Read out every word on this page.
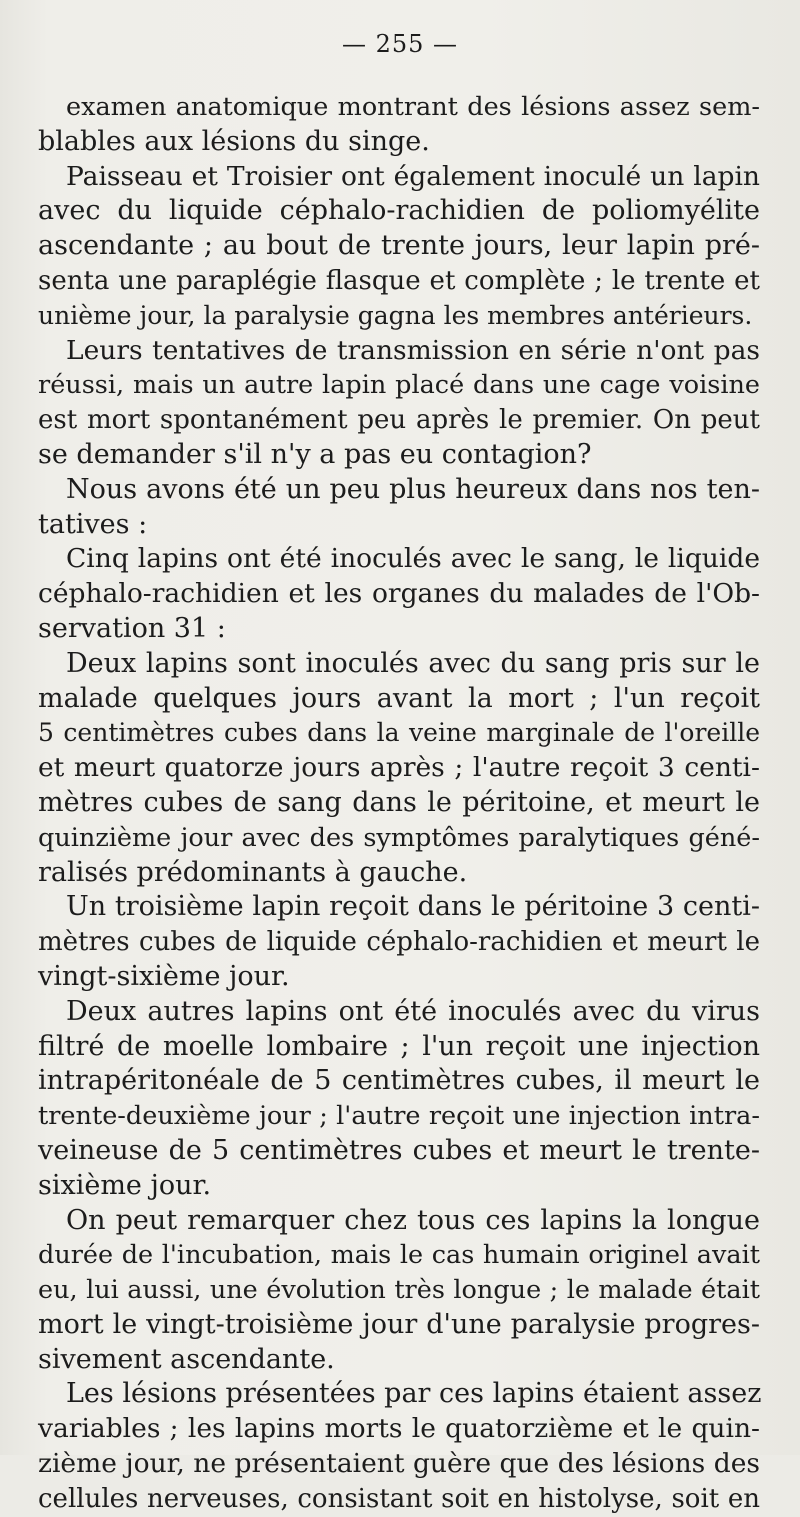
— 255 —
examen anatomique montrant des lésions assez sem-
blables aux lésions du singe.
Paisseau et Troisier ont également inoculé un lapin
avec du liquide céphalo-rachidien de poliomyélite
ascendante ; au bout de trente jours, leur lapin pré-
senta une paraplégie flasque et complète ; le trente et
unième jour, la paralysie gagna les membres antérieurs.
Leurs tentatives de transmission en série n'ont pas
réussi, mais un autre lapin placé dans une cage voisine
est mort spontanément peu après le premier. On peut
se demander s'il n'y a pas eu contagion?
Nous avons été un peu plus heureux dans nos ten-
tatives :
Cinq lapins ont été inoculés avec le sang, le liquide
céphalo-rachidien et les organes du malades de l'Ob-
servation 31 :
Deux lapins sont inoculés avec du sang pris sur le
malade quelques jours avant la mort ; l'un reçoit
5 centimètres cubes dans la veine marginale de l'oreille
et meurt quatorze jours après ; l'autre reçoit 3 centi-
mètres cubes de sang dans le péritoine, et meurt le
quinzième jour avec des symptômes paralytiques géné-
ralisés prédominants à gauche.
Un troisième lapin reçoit dans le péritoine 3 centi-
mètres cubes de liquide céphalo-rachidien et meurt le
vingt-sixième jour.
Deux autres lapins ont été inoculés avec du virus
filtré de moelle lombaire ; l'un reçoit une injection
intrapéritonéale de 5 centimètres cubes, il meurt le
trente-deuxième jour ; l'autre reçoit une injection intra-
veineuse de 5 centimètres cubes et meurt le trente-
sixième jour.
On peut remarquer chez tous ces lapins la longue
durée de l'incubation, mais le cas humain originel avait
eu, lui aussi, une évolution très longue ; le malade était
mort le vingt-troisième jour d'une paralysie progres-
sivement ascendante.
Les lésions présentées par ces lapins étaient assez
variables ; les lapins morts le quatorzième et le quin-
zième jour, ne présentaient guère que des lésions des
cellules nerveuses, consistant soit en histolyse, soit en
